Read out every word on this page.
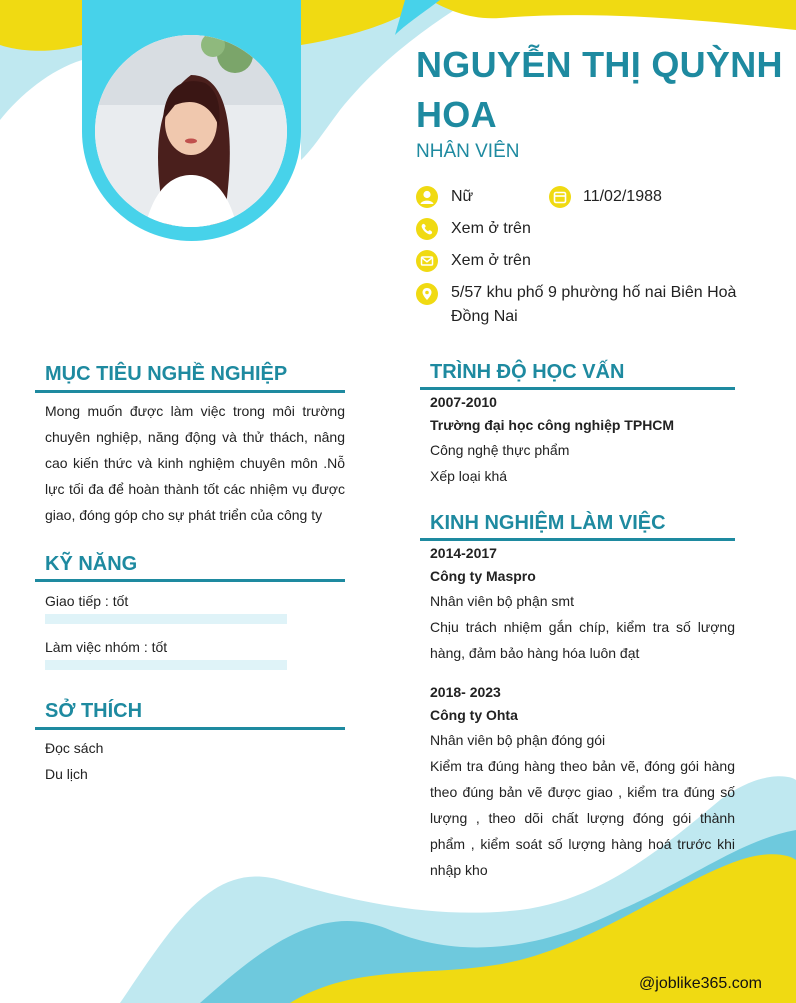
NGUYỄN THỊ QUỲNH HOA
NHÂN VIÊN
Nữ	11/02/1988
Xem ở trên
Xem ở trên
5/57 khu phố 9 phường hố nai Biên Hoà Đồng Nai
MỤC TIÊU NGHỀ NGHIỆP

Mong muốn được làm việc trong môi trường chuyên nghiệp, năng động và thử thách, nâng cao kiến thức và kinh nghiệm chuyên môn .Nỗ lực tối đa để hoàn thành tốt các nhiệm vụ được giao, đóng góp cho sự phát triển của công ty

KỸ NĂNG
Giao tiếp : tốt
Làm việc nhóm : tốt
SỞ THÍCH
Đọc sách
Du lịch
TRÌNH ĐỘ HỌC VẤN
2007-2010
Trường đại học công nghiệp TPHCM
Công nghệ thực phẩm
Xếp loại khá
KINH NGHIỆM LÀM VIỆC
2014-2017
Công ty Maspro
Nhân viên bộ phận smt

Chịu trách nhiệm gắn chíp, kiểm tra số lượng hàng, đảm bảo hàng hóa luôn đạt

2018- 2023
Công ty Ohta
Nhân viên bộ phận đóng gói

Kiểm tra đúng hàng theo bản vẽ, đóng gói hàng theo đúng bản vẽ được giao , kiểm tra đúng số lượng , theo dõi chất lượng đóng gói thành phẩm , kiểm soát số lượng hàng hoá trước khi nhập kho

@joblike365.com
